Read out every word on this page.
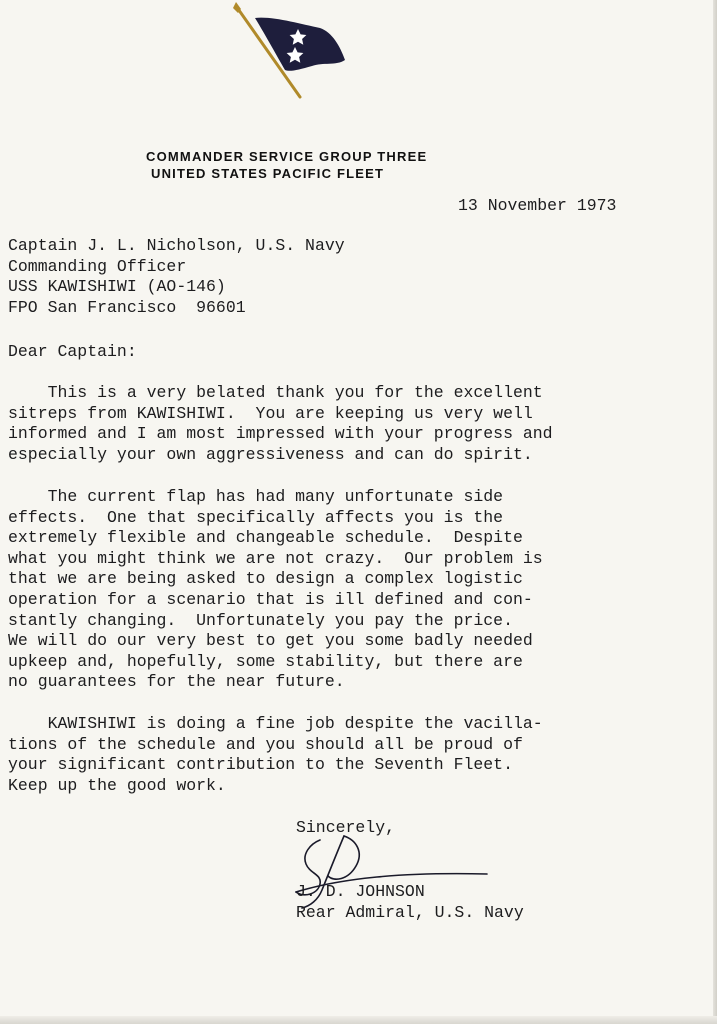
COMMANDER SERVICE GROUP THREE
UNITED STATES PACIFIC FLEET
13 November 1973
Captain J. L. Nicholson, U.S. Navy
Commanding Officer
USS KAWISHIWI (AO-146)
FPO San Francisco  96601
Dear Captain:
This is a very belated thank you for the excellent
sitreps from KAWISHIWI.  You are keeping us very well
informed and I am most impressed with your progress and
especially your own aggressiveness and can do spirit.
The current flap has had many unfortunate side
effects.  One that specifically affects you is the
extremely flexible and changeable schedule.  Despite
what you might think we are not crazy.  Our problem is
that we are being asked to design a complex logistic
operation for a scenario that is ill defined and con-
stantly changing.  Unfortunately you pay the price.
We will do our very best to get you some badly needed
upkeep and, hopefully, some stability, but there are
no guarantees for the near future.
KAWISHIWI is doing a fine job despite the vacilla-
tions of the schedule and you should all be proud of
your significant contribution to the Seventh Fleet.
Keep up the good work.
Sincerely,
J. D. JOHNSON
Rear Admiral, U.S. Navy
